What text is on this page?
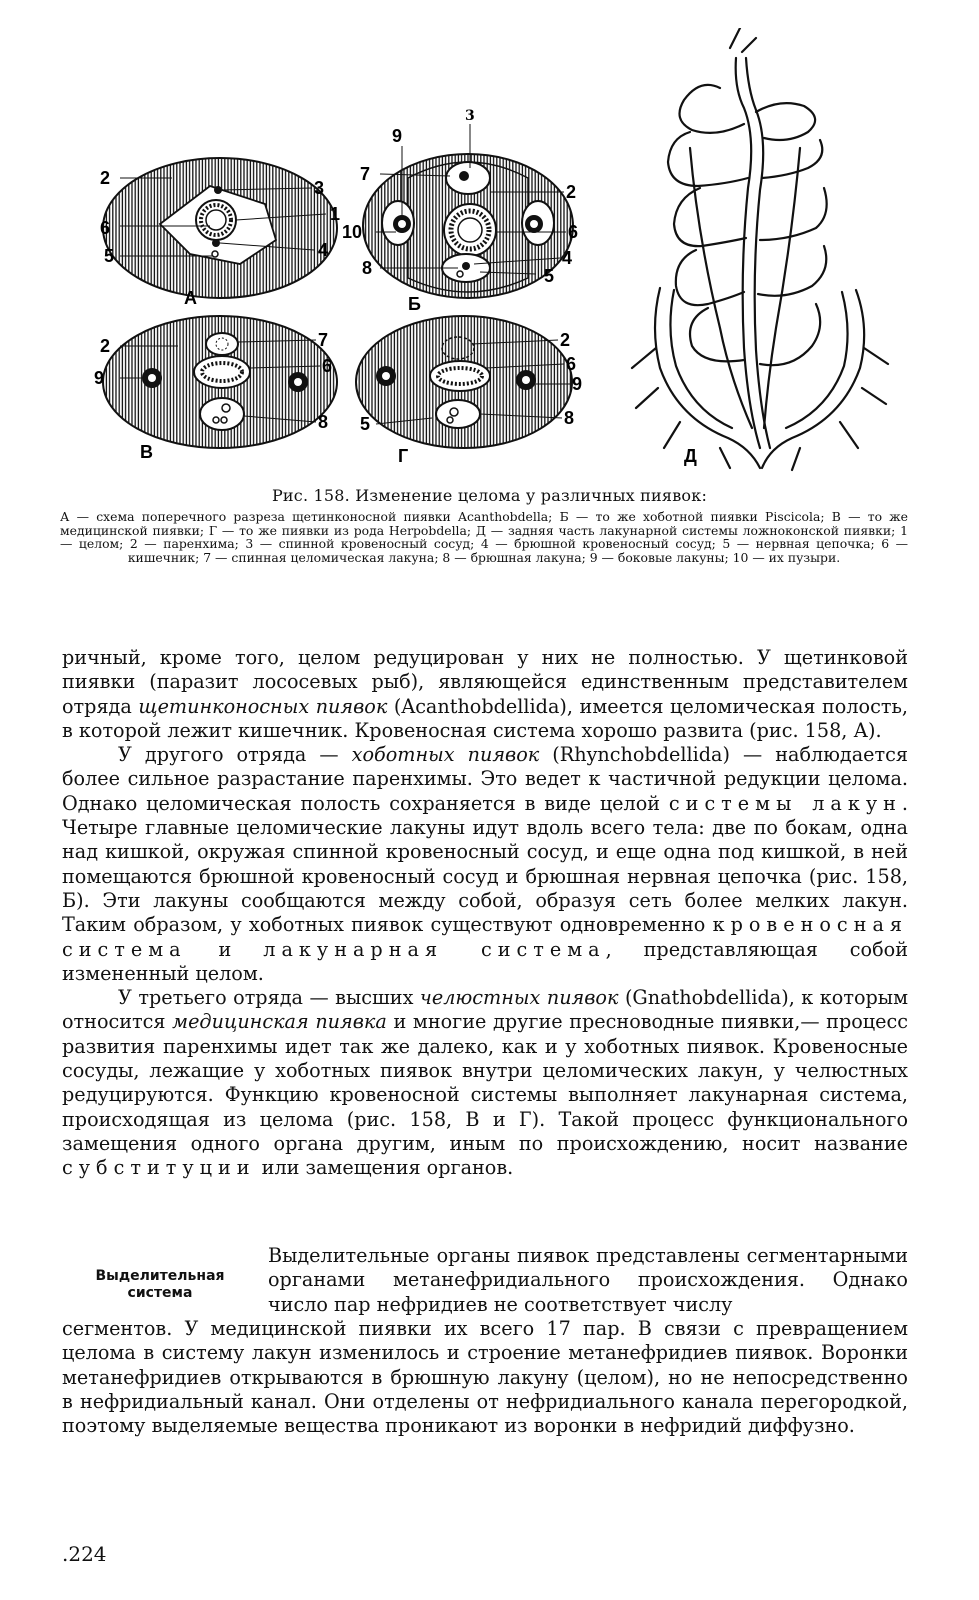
2
6
5
3
1
4
А
9
3
7
10
8
2
6
4
5
Б
2
9
7
6
8
В
2
6
9
8
5
Г	Д
Рис. 158. Изменение целома у различных пиявок:
А — схема поперечного разреза щетинконосной пиявки Acanthobdella; Б — то же хоботной пиявки Piscicola; В — то же медицинской пиявки; Г — то же пиявки из рода Herpobdella; Д — задняя часть лакунарной системы ложноконской пиявки; 1 — целом; 2 — паренхима; 3 — спинной кровеносный сосуд; 4 — брюшной кровеносный сосуд; 5 — нервная цепочка; 6 — кишечник; 7 — спинная целомическая лакуна; 8 — брюшная лакуна; 9 — боковые лакуны; 10 — их пузыри.

ричный, кроме того, целом редуцирован у них не полностью. У щетинковой пиявки (паразит лососевых рыб), являющейся единственным представителем отряда щетинконосных пиявок (Acanthobdellida), имеется целомическая полость, в которой лежит кишечник. Кровеносная система хорошо развита (рис. 158, А).

У другого отряда — хоботных пиявок (Rhynchobdellida) — наблюдается более сильное разрастание паренхимы. Это ведет к частичной редукции целома. Однако целомическая полость сохраняется в виде целой системы лакун. Четыре главные целомические лакуны идут вдоль всего тела: две по бокам, одна над кишкой, окружая спинной кровеносный сосуд, и еще одна под кишкой, в ней помещаются брюшной кровеносный сосуд и брюшная нервная цепочка (рис. 158, Б). Эти лакуны сообщаются между собой, образуя сеть более мелких лакун. Таким образом, у хоботных пиявок существуют одновременно кровеносная система и лакунарная система, представляющая собой измененный целом.

У третьего отряда — высших челюстных пиявок (Gnathobdellida), к которым относится медицинская пиявка и многие другие пресноводные пиявки,— процесс развития паренхимы идет так же далеко, как и у хоботных пиявок. Кровеносные сосуды, лежащие у хоботных пиявок внутри целомических лакун, у челюстных редуцируются. Функцию кровеносной системы выполняет лакунарная система, происходящая из целома (рис. 158, В и Г). Такой процесс функционального замещения одного органа другим, иным по происхождению, носит название субституции или замещения органов.

Выделительная система

Выделительные органы пиявок представлены сегментарными органами метанефридиального происхождения. Однако число пар нефридиев не соответствует числу

сегментов. У медицинской пиявки их всего 17 пар. В связи с превращением целома в систему лакун изменилось и строение метанефридиев пиявок. Воронки метанефридиев открываются в брюшную лакуну (целом), но не непосредственно в нефридиальный канал. Они отделены от нефридиального канала перегородкой, поэтому выделяемые вещества проникают из воронки в нефридий диффузно.

.224
